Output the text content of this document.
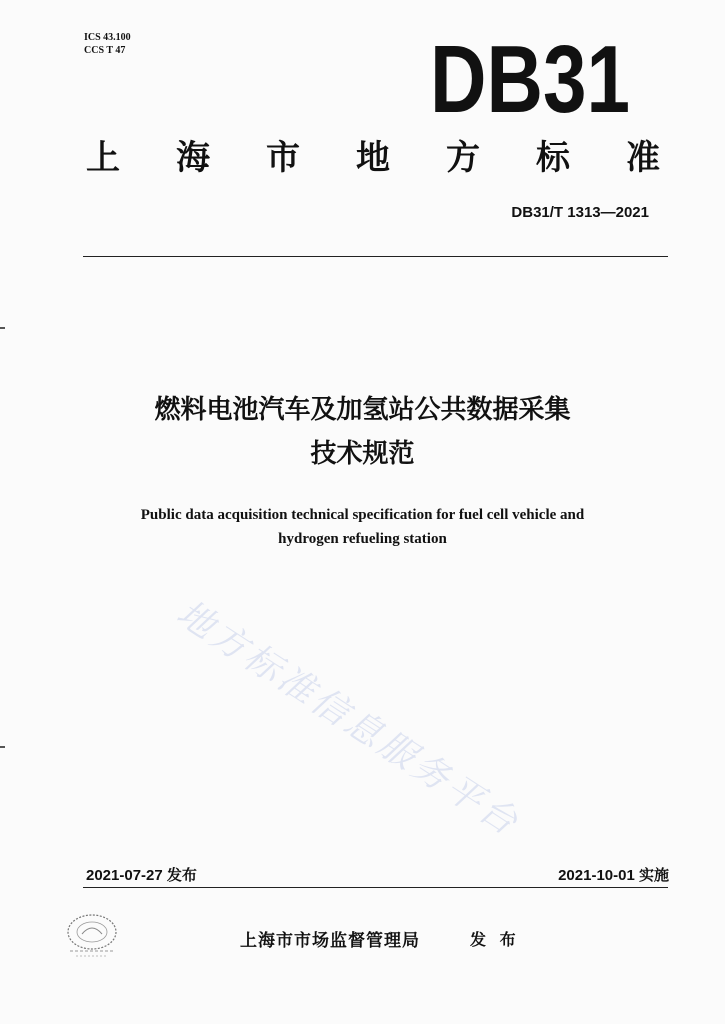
ICS 43.100
CCS T 47	DB31
上 海 市 地 方 标 准
DB31/T 1313—2021
燃料电池汽车及加氢站公共数据采集
技术规范
Public data acquisition technical specification for fuel cell vehicle and
hydrogen refueling station
地方标准信息服务平台
2021-07-27 发布	2021-10-01 实施
上海市市场监督管理局	发 布
